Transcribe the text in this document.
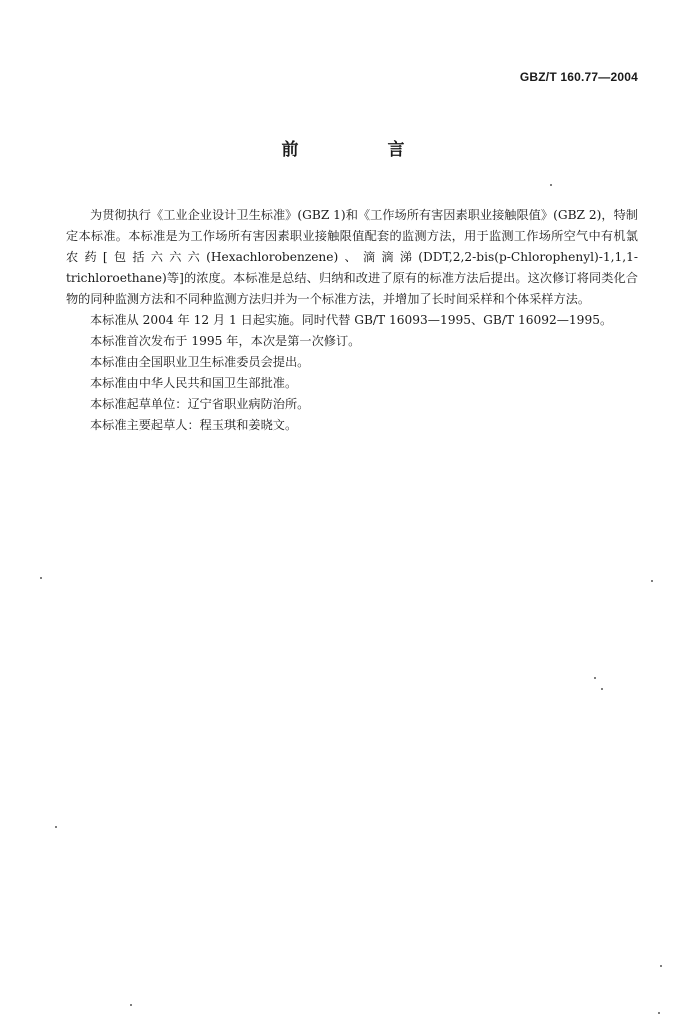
GBZ/T 160.77—2004
前　言

为贯彻执行《工业企业设计卫生标准》(GBZ 1)和《工作场所有害因素职业接触限值》(GBZ 2)，特制定本标准。本标准是为工作场所有害因素职业接触限值配套的监测方法，用于监测工作场所空气中有机氯农药[包括六六六(Hexachlorobenzene)、滴滴涕(DDT,2,2-bis(p-Chlorophenyl)-1,1,1-trichloroethane)等]的浓度。本标准是总结、归纳和改进了原有的标准方法后提出。这次修订将同类化合物的同种监测方法和不同种监测方法归并为一个标准方法，并增加了长时间采样和个体采样方法。

本标准从 2004 年 12 月 1 日起实施。同时代替 GB/T 16093—1995、GB/T 16092—1995。

本标准首次发布于 1995 年，本次是第一次修订。

本标准由全国职业卫生标准委员会提出。

本标准由中华人民共和国卫生部批准。

本标准起草单位：辽宁省职业病防治所。

本标准主要起草人：程玉琪和姜晓文。
